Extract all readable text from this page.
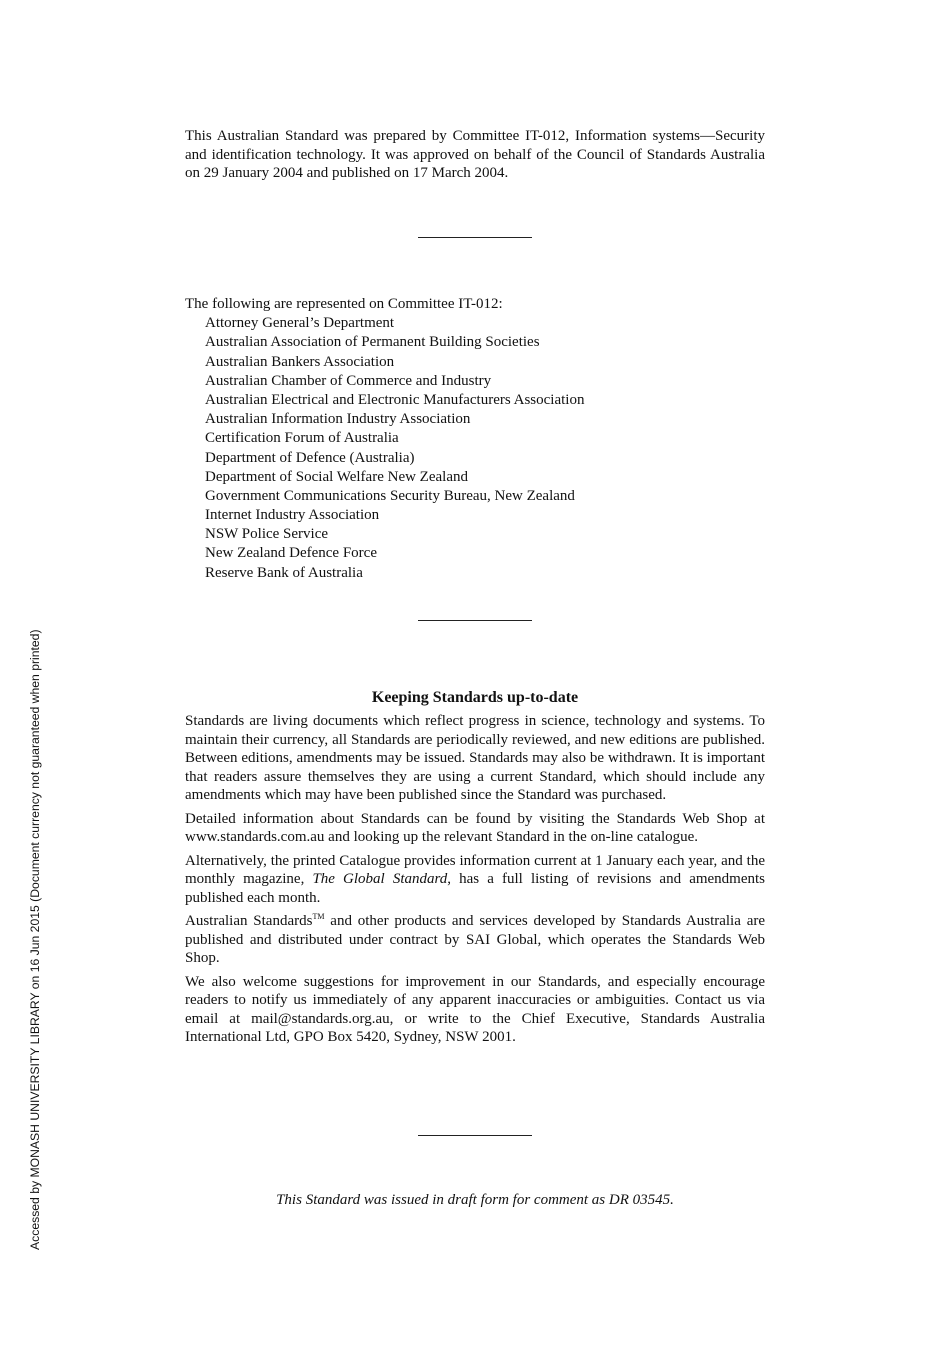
This Australian Standard was prepared by Committee IT-012, Information systems—Security and identification technology. It was approved on behalf of the Council of Standards Australia on 29 January 2004 and published on 17 March 2004.

The following are represented on Committee IT-012:
Attorney General’s Department
Australian Association of Permanent Building Societies
Australian Bankers Association
Australian Chamber of Commerce and Industry
Australian Electrical and Electronic Manufacturers Association
Australian Information Industry Association
Certification Forum of Australia
Department of Defence (Australia)
Department of Social Welfare New Zealand
Government Communications Security Bureau, New Zealand
Internet Industry Association
NSW Police Service
New Zealand Defence Force
Reserve Bank of Australia
Keeping Standards up-to-date

Standards are living documents which reflect progress in science, technology and systems. To maintain their currency, all Standards are periodically reviewed, and new editions are published. Between editions, amendments may be issued. Standards may also be withdrawn. It is important that readers assure themselves they are using a current Standard, which should include any amendments which may have been published since the Standard was purchased.

Detailed information about Standards can be found by visiting the Standards Web Shop at www.standards.com.au and looking up the relevant Standard in the on-line catalogue.

Alternatively, the printed Catalogue provides information current at 1 January each year, and the monthly magazine, The Global Standard, has a full listing of revisions and amendments published each month.

Australian Standards™ and other products and services developed by Standards Australia are published and distributed under contract by SAI Global, which operates the Standards Web Shop.

We also welcome suggestions for improvement in our Standards, and especially encourage readers to notify us immediately of any apparent inaccuracies or ambiguities. Contact us via email at mail@standards.org.au, or write to the Chief Executive, Standards Australia International Ltd, GPO Box 5420, Sydney, NSW 2001.

This Standard was issued in draft form for comment as DR 03545.
Accessed by MONASH UNIVERSITY LIBRARY on 16 Jun 2015 (Document currency not guaranteed when printed)
